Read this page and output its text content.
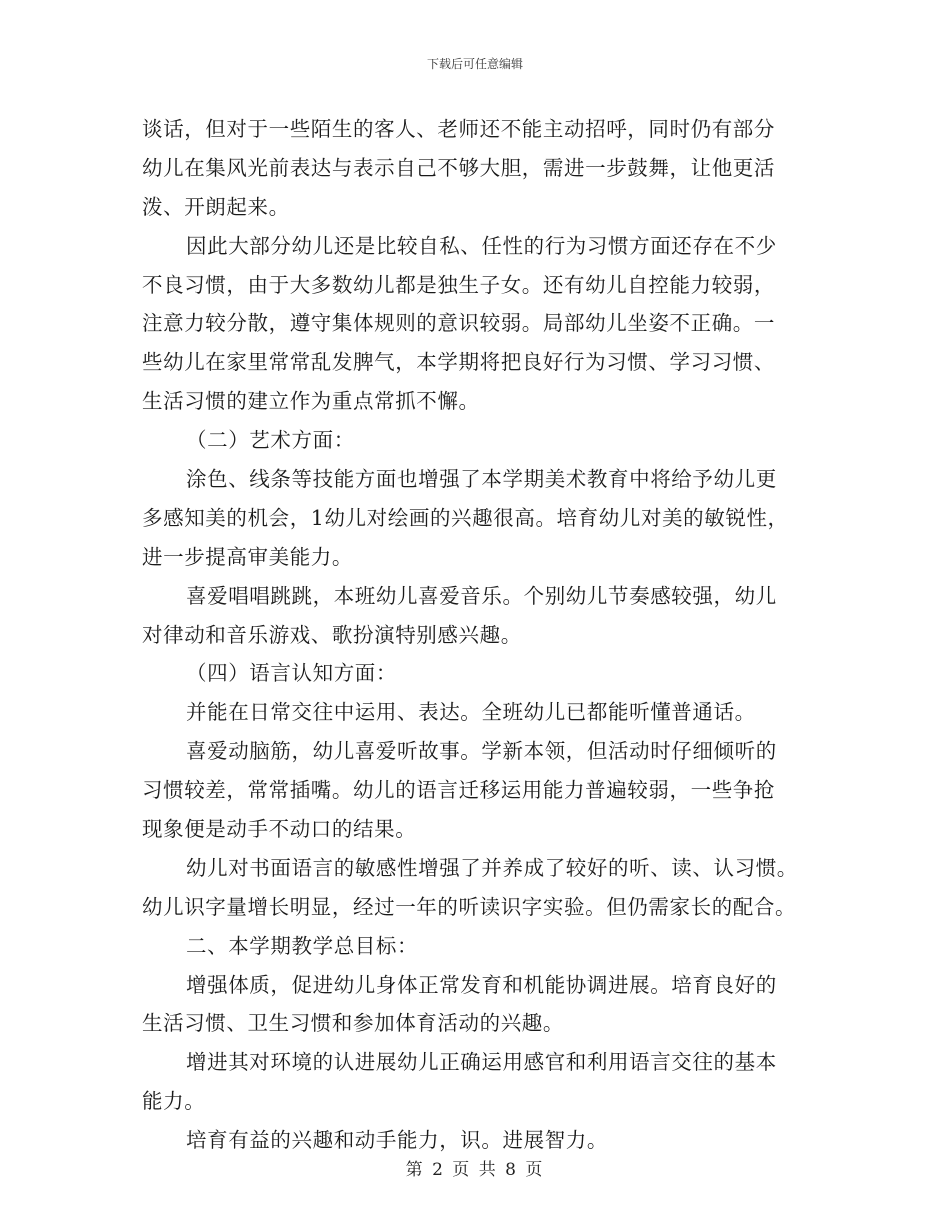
下载后可任意编辑
谈话，但对于一些陌生的客人、老师还不能主动招呼，同时仍有部分
幼儿在集风光前表达与表示自己不够大胆，需进一步鼓舞，让他更活
泼、开朗起来。
因此大部分幼儿还是比较自私、任性的行为习惯方面还存在不少
不良习惯，由于大多数幼儿都是独生子女。还有幼儿自控能力较弱，
注意力较分散，遵守集体规则的意识较弱。局部幼儿坐姿不正确。一
些幼儿在家里常常乱发脾气，本学期将把良好行为习惯、学习习惯、
生活习惯的建立作为重点常抓不懈。
（二）艺术方面：
涂色、线条等技能方面也增强了本学期美术教育中将给予幼儿更
多感知美的机会，1幼儿对绘画的兴趣很高。培育幼儿对美的敏锐性，
进一步提高审美能力。
喜爱唱唱跳跳，本班幼儿喜爱音乐。个别幼儿节奏感较强，幼儿
对律动和音乐游戏、歌扮演特别感兴趣。
（四）语言认知方面：
并能在日常交往中运用、表达。全班幼儿已都能听懂普通话。
喜爱动脑筋，幼儿喜爱听故事。学新本领，但活动时仔细倾听的
习惯较差，常常插嘴。幼儿的语言迁移运用能力普遍较弱，一些争抢
现象便是动手不动口的结果。
幼儿对书面语言的敏感性增强了并养成了较好的听、读、认习惯。
幼儿识字量增长明显，经过一年的听读识字实验。但仍需家长的配合。
二、本学期教学总目标：
增强体质，促进幼儿身体正常发育和机能协调进展。培育良好的
生活习惯、卫生习惯和参加体育活动的兴趣。
增进其对环境的认进展幼儿正确运用感官和利用语言交往的基本
能力。
培育有益的兴趣和动手能力，识。进展智力。
第 2 页 共 8 页
